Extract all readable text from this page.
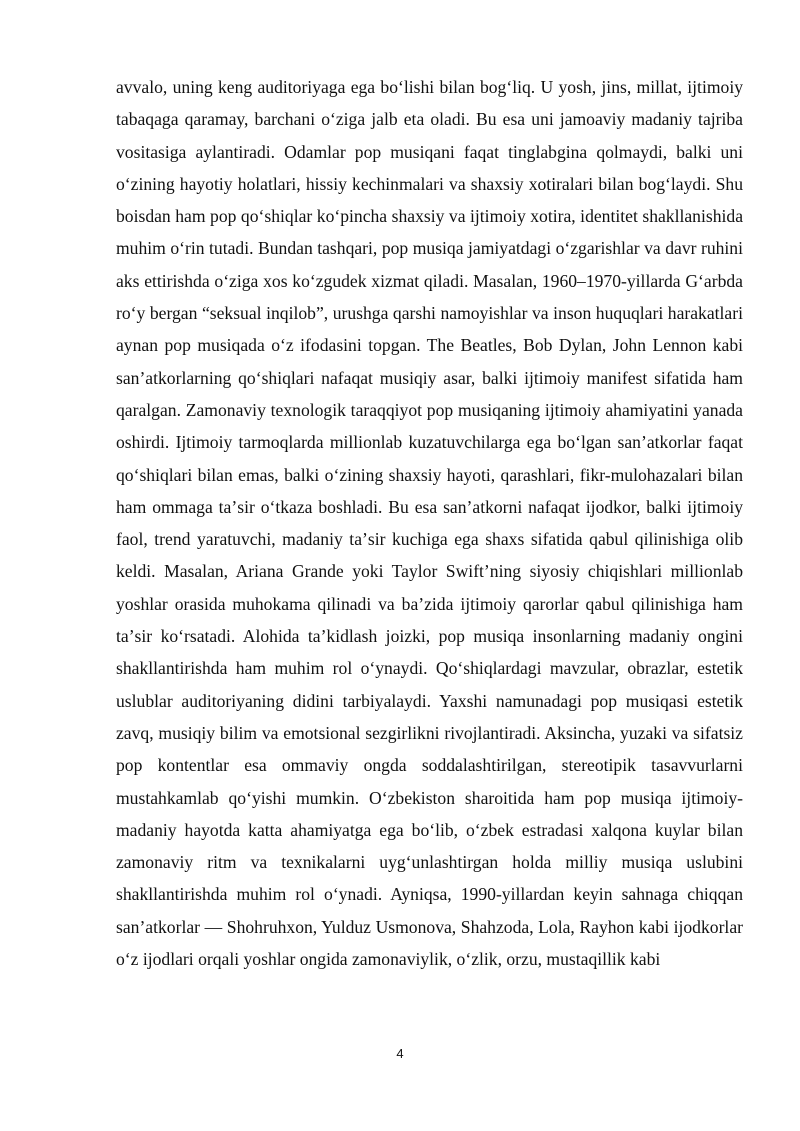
avvalo, uning keng auditoriyaga ega boʻlishi bilan bogʻliq. U yosh, jins, millat, ijtimoiy tabaqaga qaramay, barchani oʻziga jalb eta oladi. Bu esa uni jamoaviy madaniy tajriba vositasiga aylantiradi. Odamlar pop musiqani faqat tinglabgina qolmaydi, balki uni oʻzining hayotiy holatlari, hissiy kechinmalari va shaxsiy xotiralari bilan bogʻlaydi. Shu boisdan ham pop qoʻshiqlar koʻpincha shaxsiy va ijtimoiy xotira, identitet shakllanishida muhim oʻrin tutadi. Bundan tashqari, pop musiqa jamiyatdagi oʻzgarishlar va davr ruhini aks ettirishda oʻziga xos koʻzgudek xizmat qiladi. Masalan, 1960–1970-yillarda Gʻarbda roʻy bergan “seksual inqilob”, urushga qarshi namoyishlar va inson huquqlari harakatlari aynan pop musiqada oʻz ifodasini topgan. The Beatles, Bob Dylan, John Lennon kabi sanʼatkorlarning qoʻshiqlari nafaqat musiqiy asar, balki ijtimoiy manifest sifatida ham qaralgan. Zamonaviy texnologik taraqqiyot pop musiqaning ijtimoiy ahamiyatini yanada oshirdi. Ijtimoiy tarmoqlarda millionlab kuzatuvchilarga ega boʻlgan sanʼatkorlar faqat qoʻshiqlari bilan emas, balki oʻzining shaxsiy hayoti, qarashlari, fikr-mulohazalari bilan ham ommaga taʼsir oʻtkaza boshladi. Bu esa sanʼatkorni nafaqat ijodkor, balki ijtimoiy faol, trend yaratuvchi, madaniy taʼsir kuchiga ega shaxs sifatida qabul qilinishiga olib keldi. Masalan, Ariana Grande yoki Taylor Swiftʼning siyosiy chiqishlari millionlab yoshlar orasida muhokama qilinadi va baʼzida ijtimoiy qarorlar qabul qilinishiga ham taʼsir koʻrsatadi. Alohida taʼkidlash joizki, pop musiqa insonlarning madaniy ongini shakllantirishda ham muhim rol oʻynaydi. Qoʻshiqlardagi mavzular, obrazlar, estetik uslublar auditoriyaning didini tarbiyalaydi. Yaxshi namunadagi pop musiqasi estetik zavq, musiqiy bilim va emotsional sezgirlikni rivojlantiradi. Aksincha, yuzaki va sifatsiz pop kontentlar esa ommaviy ongda soddalashtirilgan, stereotipik tasavvurlarni mustahkamlab qoʻyishi mumkin. Oʻzbekiston sharoitida ham pop musiqa ijtimoiy-madaniy hayotda katta ahamiyatga ega boʻlib, oʻzbek estradasi xalqona kuylar bilan zamonaviy ritm va texnikalarni uygʻunlashtirgan holda milliy musiqa uslubini shakllantirishda muhim rol oʻynadi. Ayniqsa, 1990-yillardan keyin sahnaga chiqqan sanʼatkorlar — Shohruhxon, Yulduz Usmonova, Shahzoda, Lola, Rayhon kabi ijodkorlar oʻz ijodlari orqali yoshlar ongida zamonaviylik, oʻzlik, orzu, mustaqillik kabi

4
